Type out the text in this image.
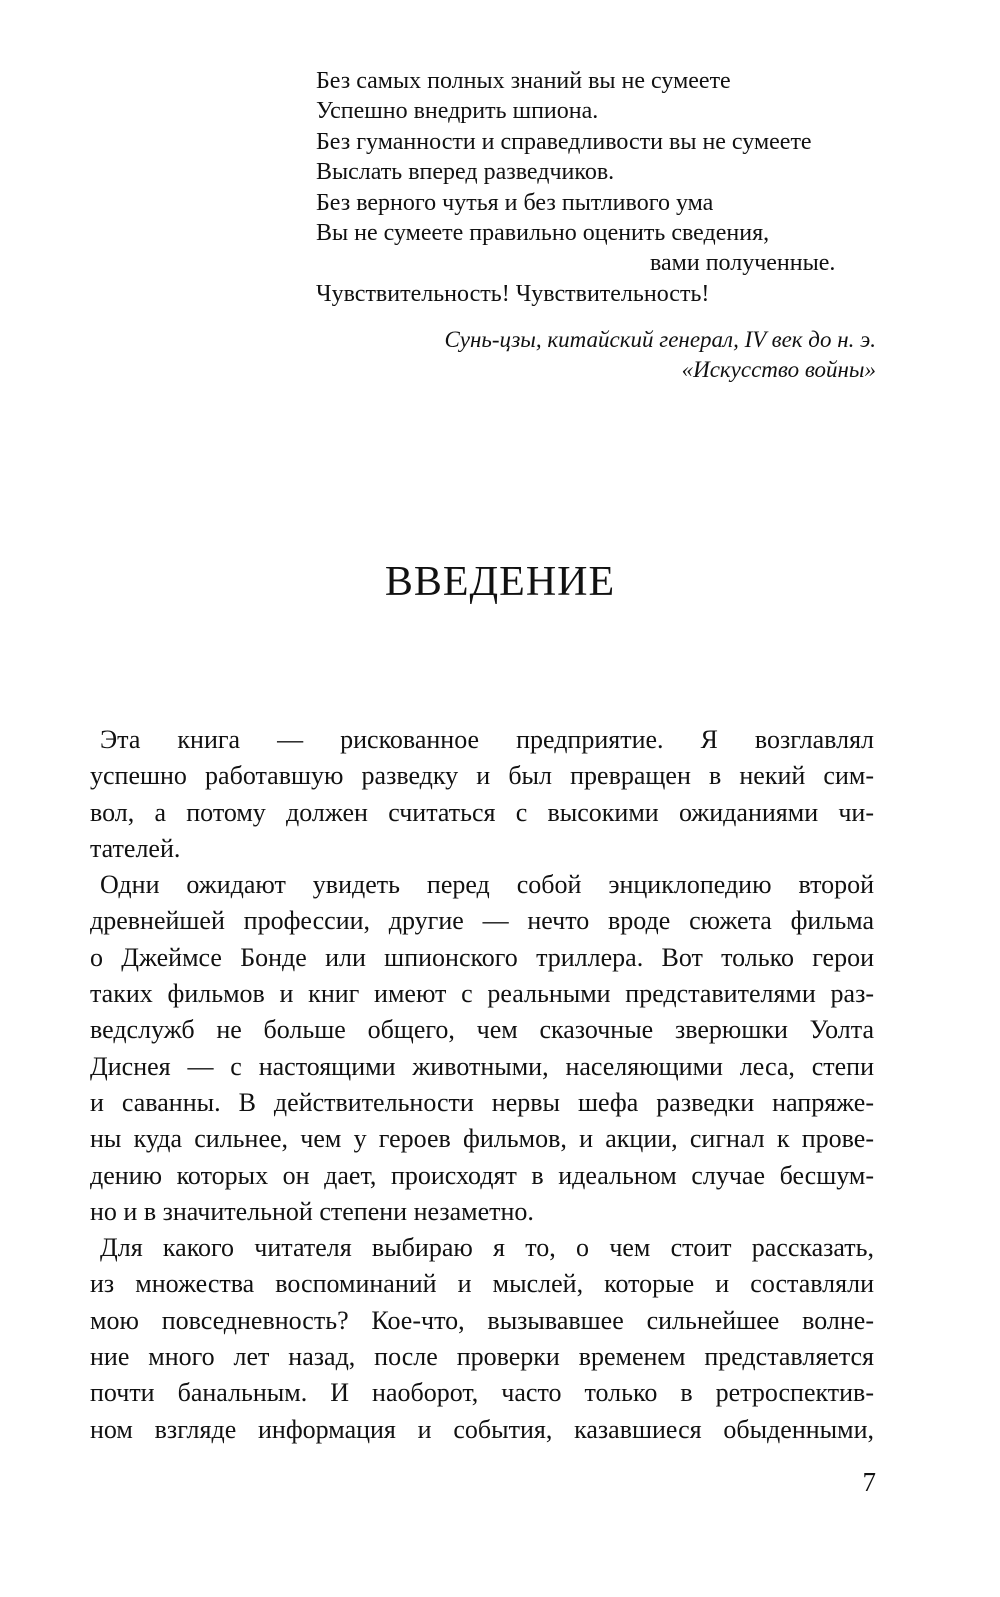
Без самых полных знаний вы не сумеете
Успешно внедрить шпиона.
Без гуманности и справедливости вы не сумеете
Выслать вперед разведчиков.
Без верного чутья и без пытливого ума
Вы не сумеете правильно оценить сведения,
вами полученные.
Чувствительность! Чувствительность!
Сунь-цзы, китайский генерал, IV век до н. э.
«Искусство войны»
ВВЕДЕНИЕ

Эта книга — рискованное предприятие. Я возглавлял
успешно работавшую разведку и был превращен в некий сим-
вол, а потому должен считаться с высокими ожиданиями чи-
тателей.

Одни ожидают увидеть перед собой энциклопедию второй
древнейшей профессии, другие — нечто вроде сюжета фильма
о Джеймсе Бонде или шпионского триллера. Вот только герои
таких фильмов и книг имеют с реальными представителями раз-
ведслужб не больше общего, чем сказочные зверюшки Уолта
Диснея — с настоящими животными, населяющими леса, степи
и саванны. В действительности нервы шефа разведки напряже-
ны куда сильнее, чем у героев фильмов, и акции, сигнал к прове-
дению которых он дает, происходят в идеальном случае бесшум-
но и в значительной степени незаметно.

Для какого читателя выбираю я то, о чем стоит рассказать,
из множества воспоминаний и мыслей, которые и составляли
мою повседневность? Кое-что, вызывавшее сильнейшее волне-
ние много лет назад, после проверки временем представляется
почти банальным. И наоборот, часто только в ретроспектив-
ном взгляде информация и события, казавшиеся обыденными,

7
